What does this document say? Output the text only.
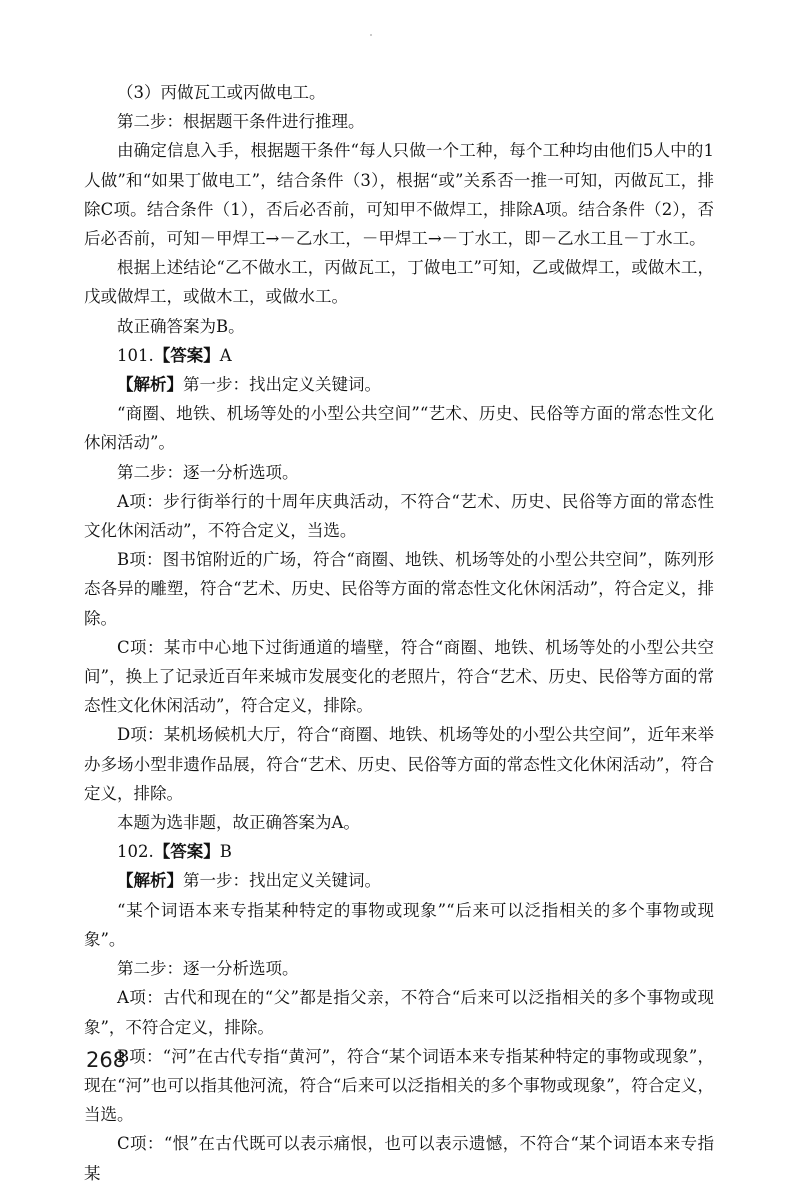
（3）丙做瓦工或丙做电工。

第二步：根据题干条件进行推理。

由确定信息入手，根据题干条件“每人只做一个工种，每个工种均由他们5人中的1人做”和“如果丁做电工”，结合条件（3），根据“或”关系否一推一可知，丙做瓦工，排除C项。结合条件（1），否后必否前，可知甲不做焊工，排除A项。结合条件（2），否后必否前，可知－甲焊工→－乙水工，－甲焊工→－丁水工，即－乙水工且－丁水工。

根据上述结论“乙不做水工，丙做瓦工，丁做电工”可知，乙或做焊工，或做木工，戊或做焊工，或做木工，或做水工。

故正确答案为B。

101.【答案】A

【解析】第一步：找出定义关键词。

“商圈、地铁、机场等处的小型公共空间”“艺术、历史、民俗等方面的常态性文化休闲活动”。

第二步：逐一分析选项。

A项：步行街举行的十周年庆典活动，不符合“艺术、历史、民俗等方面的常态性文化休闲活动”，不符合定义，当选。

B项：图书馆附近的广场，符合“商圈、地铁、机场等处的小型公共空间”，陈列形态各异的雕塑，符合“艺术、历史、民俗等方面的常态性文化休闲活动”，符合定义，排除。

C项：某市中心地下过街通道的墙壁，符合“商圈、地铁、机场等处的小型公共空间”，换上了记录近百年来城市发展变化的老照片，符合“艺术、历史、民俗等方面的常态性文化休闲活动”，符合定义，排除。

D项：某机场候机大厅，符合“商圈、地铁、机场等处的小型公共空间”，近年来举办多场小型非遗作品展，符合“艺术、历史、民俗等方面的常态性文化休闲活动”，符合定义，排除。

本题为选非题，故正确答案为A。

102.【答案】B

【解析】第一步：找出定义关键词。

“某个词语本来专指某种特定的事物或现象”“后来可以泛指相关的多个事物或现象”。

第二步：逐一分析选项。

A项：古代和现在的“父”都是指父亲，不符合“后来可以泛指相关的多个事物或现象”，不符合定义，排除。

B项：“河”在古代专指“黄河”，符合“某个词语本来专指某种特定的事物或现象”，现在“河”也可以指其他河流，符合“后来可以泛指相关的多个事物或现象”，符合定义，当选。

C项：“恨”在古代既可以表示痛恨，也可以表示遗憾，不符合“某个词语本来专指某

268
